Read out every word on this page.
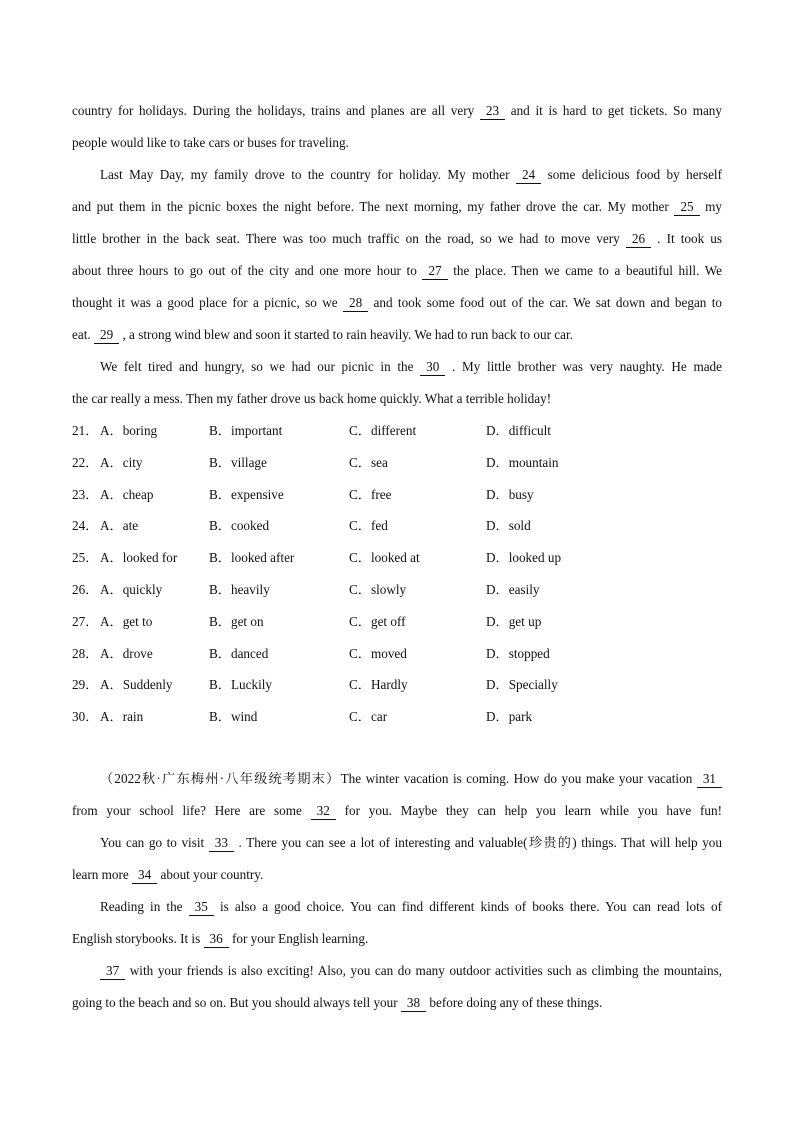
country for holidays. During the holidays, trains and planes are all very 23 and it is hard to get tickets. So many
people would like to take cars or buses for traveling.
Last May Day, my family drove to the country for holiday. My mother 24 some delicious food by herself
and put them in the picnic boxes the night before. The next morning, my father drove the car. My mother 25 my
little brother in the back seat. There was too much traffic on the road, so we had to move very 26 . It took us
about three hours to go out of the city and one more hour to 27 the place. Then we came to a beautiful hill. We
thought it was a good place for a picnic, so we 28 and took some food out of the car. We sat down and began to
eat. 29 , a strong wind blew and soon it started to rain heavily. We had to run back to our car.
We felt tired and hungry, so we had our picnic in the 30 . My little brother was very naughty. He made
the car really a mess. Then my father drove us back home quickly. What a terrible holiday!
21． A．boring	B．important	C．different	D．difficult
22． A．city	B．village	C．sea	D．mountain
23． A．cheap	B．expensive	C．free	D．busy
24． A．ate	B．cooked	C．fed	D．sold
25． A．looked for B．looked after	C．looked at	D．looked up
26． A．quickly	B．heavily	C．slowly	D．easily
27． A．get to	B．get on	C．get off	D．get up
28． A．drove	B．danced	C．moved	D．stopped
29． A．Suddenly	B．Luckily	C．Hardly	D．Specially
30． A．rain	B．wind	C．car	D．park
（2022秋·广东梅州·八年级统考期末）The winter vacation is coming. How do you make your vacation 31
from your school life? Here are some 32 for you. Maybe they can help you learn while you have fun!
You can go to visit 33 . There you can see a lot of interesting and valuable(珍贵的) things. That will help you
learn more 34 about your country.
Reading in the 35 is also a good choice. You can find different kinds of books there. You can read lots of
English storybooks. It is 36 for your English learning.
37 with your friends is also exciting! Also, you can do many outdoor activities such as climbing the mountains,
going to the beach and so on. But you should always tell your 38 before doing any of these things.
